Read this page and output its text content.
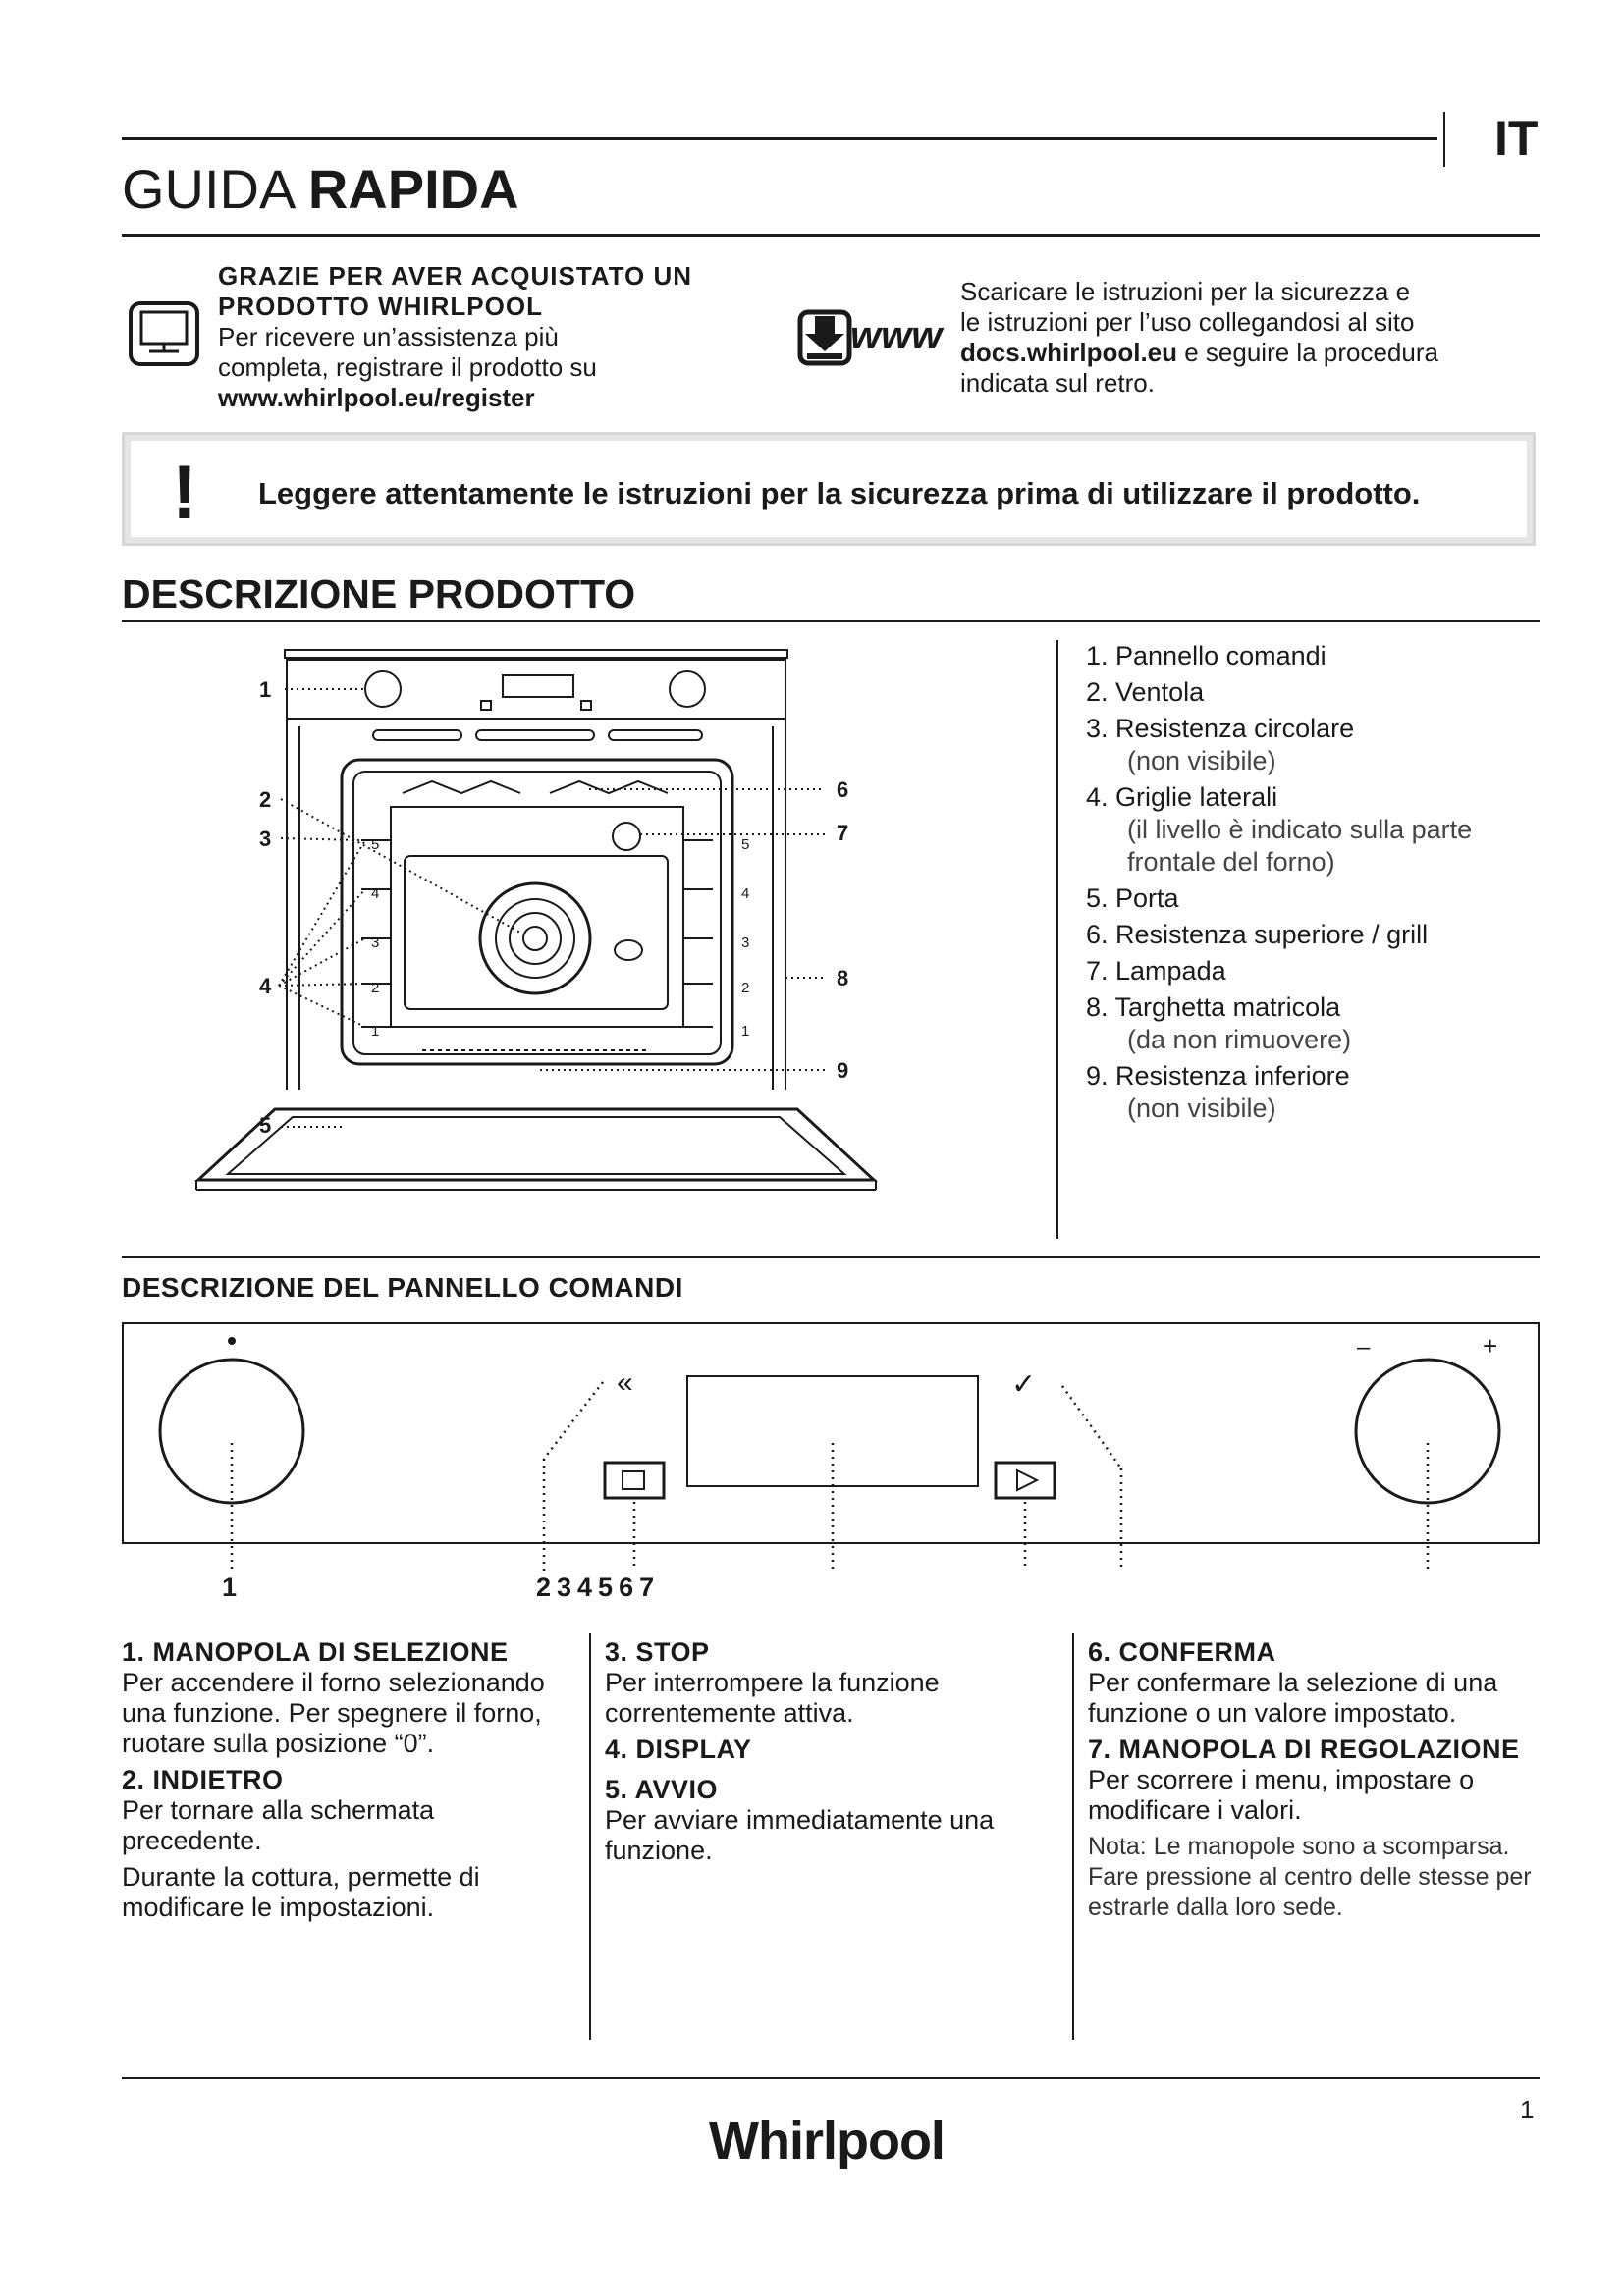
IT
GUIDA RAPIDA
GRAZIE PER AVER ACQUISTATO UN
PRODOTTO WHIRLPOOL
Per ricevere un’assistenza più
completa, registrare il prodotto su
www.whirlpool.eu/register
www
Scaricare le istruzioni per la sicurezza e
le istruzioni per l’uso collegandosi al sito
docs.whirlpool.eu e seguire la procedura
indicata sul retro.
! Leggere attentamente le istruzioni per la sicurezza prima di utilizzare il prodotto.
DESCRIZIONE PRODOTTO
5
4
3
2
1
5
4
3
2
1
1
2
3
4
5
6
7
8
9
1. Pannello comandi
2. Ventola
3. Resistenza circolare
(non visibile)
4. Griglie laterali
(il livello è indicato sulla parte frontale del forno)
5. Porta
6. Resistenza superiore / grill
7. Lampada
8. Targhetta matricola
(da non rimuovere)
9. Resistenza inferiore
(non visibile)
DESCRIZIONE DEL PANNELLO COMANDI
–	+
«	✓
1	234567
1. MANOPOLA DI SELEZIONE
Per accendere il forno selezionando una funzione. Per spegnere il forno, ruotare sulla posizione “0”.
2. INDIETRO
Per tornare alla schermata precedente.
Durante la cottura, permette di modificare le impostazioni.
3. STOP
Per interrompere la funzione correntemente attiva.
4. DISPLAY
5. AVVIO
Per avviare immediatamente una funzione.
6. CONFERMA
Per confermare la selezione di una funzione o un valore impostato.
7. MANOPOLA DI REGOLAZIONE
Per scorrere i menu, impostare o modificare i valori.
Nota: Le manopole sono a scomparsa. Fare pressione al centro delle stesse per estrarle dalla loro sede.
1
Whirlpool
